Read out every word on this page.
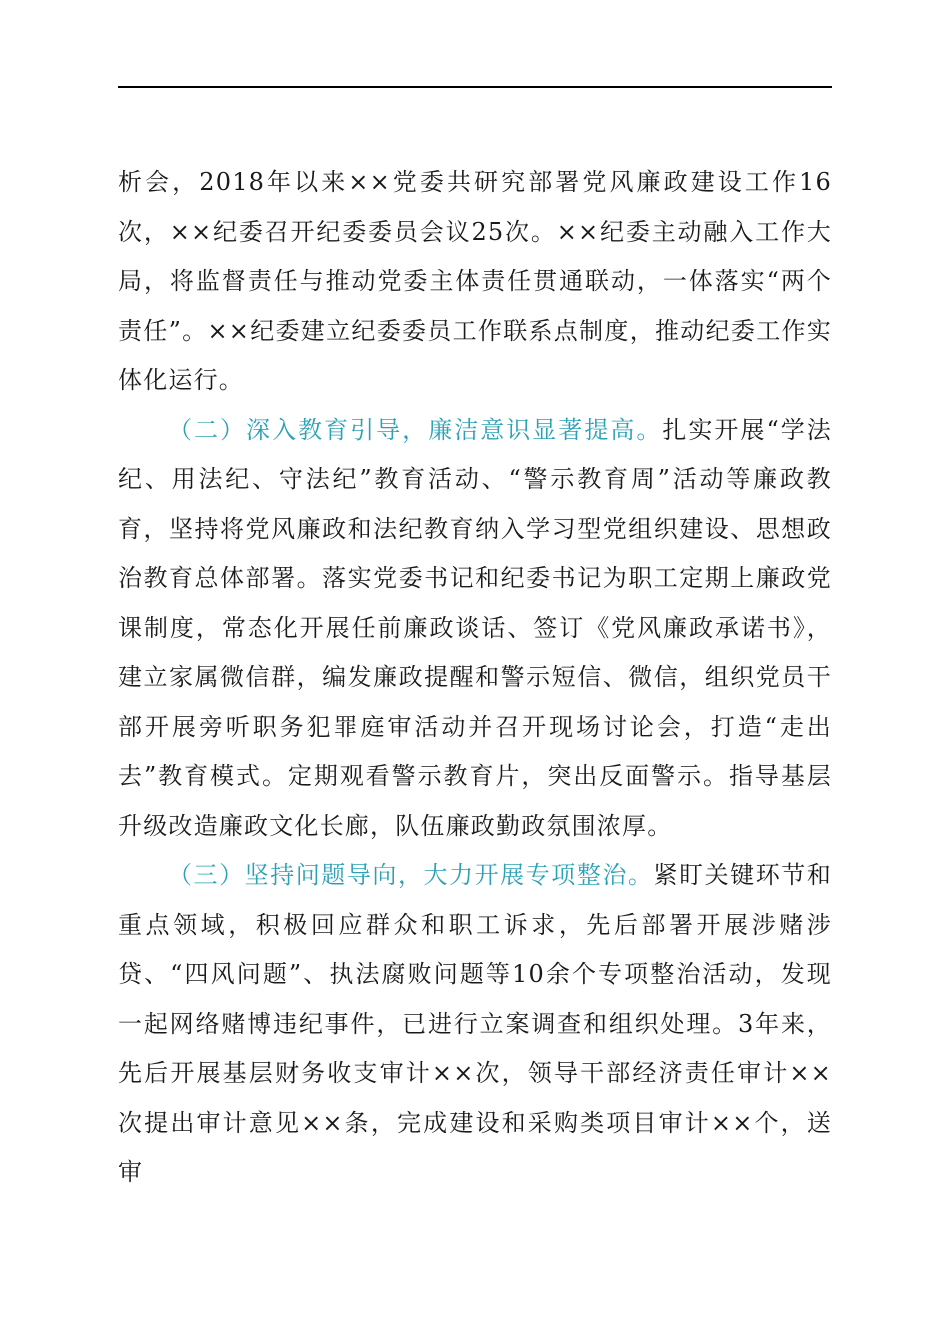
析会，2018年以来××党委共研究部署党风廉政建设工作16次，××纪委召开纪委委员会议25次。××纪委主动融入工作大局，将监督责任与推动党委主体责任贯通联动，一体落实“两个责任”。××纪委建立纪委委员工作联系点制度，推动纪委工作实体化运行。

（二）深入教育引导，廉洁意识显著提高。扎实开展“学法纪、用法纪、守法纪”教育活动、“警示教育周”活动等廉政教育，坚持将党风廉政和法纪教育纳入学习型党组织建设、思想政治教育总体部署。落实党委书记和纪委书记为职工定期上廉政党课制度，常态化开展任前廉政谈话、签订《党风廉政承诺书》，建立家属微信群，编发廉政提醒和警示短信、微信，组织党员干部开展旁听职务犯罪庭审活动并召开现场讨论会，打造“走出去”教育模式。定期观看警示教育片，突出反面警示。指导基层升级改造廉政文化长廊，队伍廉政勤政氛围浓厚。

（三）坚持问题导向，大力开展专项整治。紧盯关键环节和重点领域，积极回应群众和职工诉求，先后部署开展涉赌涉贷、“四风问题”、执法腐败问题等10余个专项整治活动，发现一起网络赌博违纪事件，已进行立案调查和组织处理。3年来，先后开展基层财务收支审计××次，领导干部经济责任审计××次提出审计意见××条，完成建设和采购类项目审计××个，送审
